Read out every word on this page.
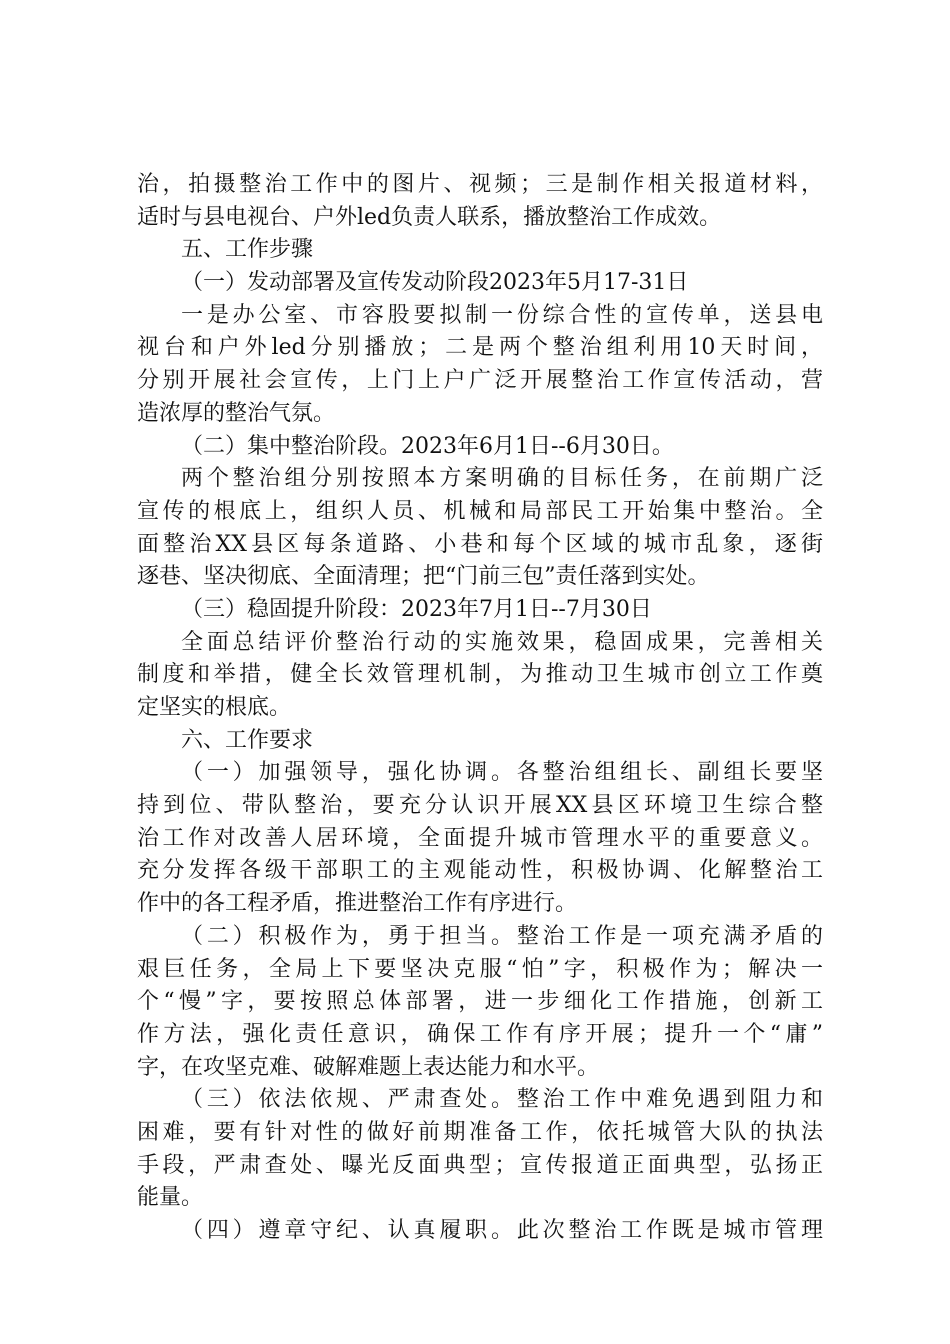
治，拍摄整治工作中的图片、视频；三是制作相关报道材料，
适时与县电视台、户外led负责人联系，播放整治工作成效。
五、工作步骤
（一）发动部署及宣传发动阶段2023年5月17-31日
一是办公室、市容股要拟制一份综合性的宣传单，送县电
视台和户外led分别播放；二是两个整治组利用10天时间，
分别开展社会宣传，上门上户广泛开展整治工作宣传活动，营
造浓厚的整治气氛。
（二）集中整治阶段。2023年6月1日--6月30日。
两个整治组分别按照本方案明确的目标任务，在前期广泛
宣传的根底上，组织人员、机械和局部民工开始集中整治。全
面整治XX县区每条道路、小巷和每个区域的城市乱象，逐街
逐巷、坚决彻底、全面清理；把“门前三包”责任落到实处。
（三）稳固提升阶段：2023年7月1日--7月30日
全面总结评价整治行动的实施效果，稳固成果，完善相关
制度和举措，健全长效管理机制，为推动卫生城市创立工作奠
定坚实的根底。
六、工作要求
（一）加强领导，强化协调。各整治组组长、副组长要坚
持到位、带队整治，要充分认识开展XX县区环境卫生综合整
治工作对改善人居环境，全面提升城市管理水平的重要意义。
充分发挥各级干部职工的主观能动性，积极协调、化解整治工
作中的各工程矛盾，推进整治工作有序进行。
（二）积极作为，勇于担当。整治工作是一项充满矛盾的
艰巨任务，全局上下要坚决克服“怕”字，积极作为；解决一
个“慢”字，要按照总体部署，进一步细化工作措施，创新工
作方法，强化责任意识，确保工作有序开展；提升一个“庸”
字，在攻坚克难、破解难题上表达能力和水平。
（三）依法依规、严肃查处。整治工作中难免遇到阻力和
困难，要有针对性的做好前期准备工作，依托城管大队的执法
手段，严肃查处、曝光反面典型；宣传报道正面典型，弘扬正
能量。
（四）遵章守纪、认真履职。此次整治工作既是城市管理
